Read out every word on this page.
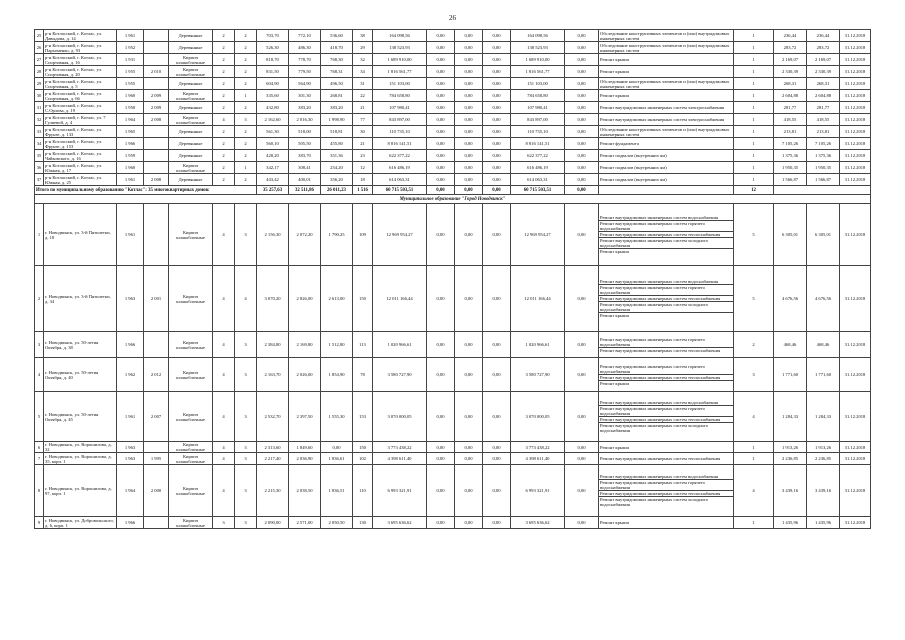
26
25	р-н Котласский, г. Котлас, ул. Давыдова, д. 14	1 961		Деревянные	2	2	703,70	772,10	536,60	38	164 098,56	0,00	0,00	0,00	164 098,56	0,00	Обследование конструктивных элементов и (или) внутридомовых инженерных систем	1	236,44	236,44	31.12.2018
26	р-н Котласский, г. Котлас, ул. Пархоменко, д. 93	1 952		Деревянные	2	2	526,30	486,30	418,70	29	138 523,93	0,00	0,00	0,00	138 523,93	0,00	Обследование конструктивных элементов и (или) внутридомовых инженерных систем	1	283,72	283,72	31.12.2018
27	р-н Котласский, г. Котлас, ул. Спортивная, д. 16	1 931		Кирпич шлакоблочные	2	2	818,70	778,70	768,30	32	1 689 910,00	0,00	0,00	0,00	1 689 910,00	0,00	Ремонт крыши	1	2 169,07	2 169,07	31.12.2018
28	р-н Котласский, г. Котлас, ул. Спортивная, д. 20	1 955	2 010	Кирпич шлакоблочные	2	2	831,50	779,50	768,31	34	1 816 561,77	0,00	0,00	0,00	1 816 561,77	0,00	Ремонт крыши	1	2 330,39	2 330,39	31.12.2018
29	р-н Котласский, г. Котлас, ул. Спортивная, д. 5	1 955		Деревянные	2	2	604,90	564,90	496,50	31	151 103,00	0,00	0,00	0,00	151 103,00	0,00	Обследование конструктивных элементов и (или) внутридомовых инженерных систем	1	268,31	268,31	31.12.2018
30	р-н Котласский, г. Котлас, ул. Спортивная, д. 66	1 960	2 009	Кирпич шлакоблочные	2	1	335,60	301,30	268,81	22	784 658,80	0,00	0,00	0,00	784 658,80	0,00	Ремонт крыши	1	2 604,88	2 604,88	31.12.2018
31	р-н Котласский, г. Котлас, ул. С.Орлова, д. 19	1 950	2 009	Деревянные	2	2	432,80	383,20	383,20	21	107 980,41	0,00	0,00	0,00	107 980,41	0,00	Ремонт внутридомовых инженерных систем электроснабжения	1	281,77	281,77	31.12.2018
32	р-н Котласский, г. Котлас, ул. 7 Гуляевой, д. 4	1 964	2 008	Кирпич шлакоблочные	4	3	2 162,60	2 016,30	1 998,90	77	843 897,00	0,00	0,00	0,00	843 897,00	0,00	Ремонт внутридомовых инженерных систем электроснабжения	1	418,55	418,55	31.12.2018
33	р-н Котласский, г. Котлас, ул. Фрунзе, д. 133	1 965		Деревянные	2	2	561,30	518,00	518,81	30	110 735,10	0,00	0,00	0,00	110 735,10	0,00	Обследование конструктивных элементов и (или) внутридомовых инженерных систем	1	213,81	213,81	31.12.2018
34	р-н Котласский, г. Котлас, ул. Фрунзе, д. 153	1 966		Деревянные	2	2	560,10	505,50	455,80	21	8 816 141,51	0,00	0,00	0,00	8 816 141,51	0,00	Ремонт фундамента	1	7 105,26	7 105,26	31.12.2018
35	р-н Котласский, г. Котлас, ул. Чайковского, д. 16	1 959		Деревянные	2	2	428,20	383,70	351,36	23	622 377,22	0,00	0,00	0,00	622 377,22	0,00	Ремонт подвалов (внутренних ям)	1	1 375,36	1 375,36	31.12.2018
36	р-н Котласский, г. Котлас, ул. Южная, д. 17	1 960		Кирпич шлакоблочные	2	1	342,17	308,41	254,20	12	616 486,19	0,00	0,00	0,00	616 486,19	0,00	Ремонт подвалов (внутренних ям)	1	1 950,35	1 950,35	31.12.2018
37	р-н Котласский, г. Котлас, ул. Южная, д. 25	1 961	2 008	Деревянные	2	2	443,42	400,01	356,20	18	614 063,31	0,00	0,00	0,00	614 063,31	0,00	Ремонт подвалов (внутренних ям)	1	1 566,87	1 566,87	31.12.2018
Итого по муниципальному образованию "Котлас": 35 многоквартирных домов:							35 257,63	32 511,86	26 011,23	1 516	60 715 503,51	0,00	0,00	0,00	60 715 503,51	0,00		12			
Муниципальное образование "Город Новодвинск"																					
1	г. Новодвинск, ул. 3-й Пятилетки, д. 18	1 961		Кирпич шлакоблочные	4	3	2 156,30	2 072,20	1 790,25	109	12 969 954,27	0,00	0,00	0,00	12 969 954,27	0,00	Ремонт внутридомовых инженерных систем водоснабжения
Ремонт внутридомовых инженерных систем горячего водоснабжения
Ремонт внутридомовых инженерных систем теплоснабжения
Ремонт внутридомовых инженерных систем холодного водоснабжения
Ремонт крыши	5	6 305,01	6 305,01	31.12.2018
2	г. Новодвинск, ул. 3-й Пятилетки, д. 34	1 963	2 001	Кирпич шлакоблочные	4	4	3 070,20	2 826,00	2 613,00	150	12 011 166,44	0,00	0,00	0,00	12 011 166,44	0,00	Ремонт внутридомовых инженерных систем водоснабжения
Ремонт внутридомовых инженерных систем горячего водоснабжения
Ремонт внутридомовых инженерных систем теплоснабжения
Ремонт внутридомовых инженерных систем холодного водоснабжения
Ремонт крыши	5	4 676,56	4 676,56	31.12.2018
3	г. Новодвинск, ул. 50-летия Октября, д. 38	1 966		Кирпич шлакоблочные	4	3	2 384,80	2 169,80	1 512,80	113	1 020 966,61	0,00	0,00	0,00	1 020 966,61	0,00	Ремонт внутридомовых инженерных систем горячего водоснабжения
Ремонт внутридомовых инженерных систем теплоснабжения	2	468,46	468,46	31.12.2018
4	г. Новодвинск, ул. 50-летия Октября, д. 40	1 962	2 012	Кирпич шлакоблочные	4	3	2 163,70	2 026,00	1 854,90	78	3 580 727,90	0,00	0,00	0,00	3 580 727,90	0,00	Ремонт внутридомовых инженерных систем горячего водоснабжения
Ремонт внутридомовых инженерных систем теплоснабжения
Ремонт крыши	3	1 771,60	1 771,60	31.12.2018
5	г. Новодвинск, ул. 50-летия Октября, д. 45	1 961	2 007	Кирпич шлакоблочные	4	3	2 532,70	2 397,50	1 555,30	153	3 070 000,05	0,00	0,00	0,00	3 070 000,05	0,00	Ремонт внутридомовых инженерных систем водоснабжения
Ремонт внутридомовых инженерных систем горячего водоснабжения
Ремонт внутридомовых инженерных систем теплоснабжения
Ремонт внутридомовых инженерных систем холодного водоснабжения	4	1 284,33	1 284,33	31.12.2018
6	г. Новодвинск, ул. Ворошилова, д. 32	1 963		Кирпич шлакоблочные	4	3	2 313,60	1 849,60	0,00	150	3 773 438,22	0,00	0,00	0,00	3 773 438,22	0,00	Ремонт крыши	1	1 913,26	1 913,26	31.12.2018
7	г. Новодвинск, ул. Ворошилова, д. 35, корп. 1	1 963	1 995	Кирпич шлакоблочные	4	3	2 217,40	2 036,90	1 836,61	102	4 398 611,40	0,00	0,00	0,00	4 398 611,40	0,00	Ремонт внутридомовых инженерных систем теплоснабжения	1	2 236,85	2 236,85	31.12.2018
8	г. Новодвинск, ул. Ворошилова, д. 97, корп. 1	1 964	2 000	Кирпич шлакоблочные	4	3	2 215,30	2 038,50	1 836,51	110	6 993 321,91	0,00	0,00	0,00	6 993 321,91	0,00	Ремонт внутридомовых инженерных систем водоснабжения
Ремонт внутридомовых инженерных систем горячего водоснабжения
Ремонт внутридомовых инженерных систем теплоснабжения
Ремонт внутридомовых инженерных систем холодного водоснабжения	4	3 439,16	3 439,16	31.12.2018
9	г. Новодвинск, ул. Добровольского, д. 6, корп. 1	1 966		Кирпич шлакоблочные	3	3	2 090,00	2 571,00	2 050,50	130	3 695 636,62	0,00	0,00	0,00	3 695 636,62	0,00	Ремонт крыши	1	1 435,96	1 435,96	31.12.2018
